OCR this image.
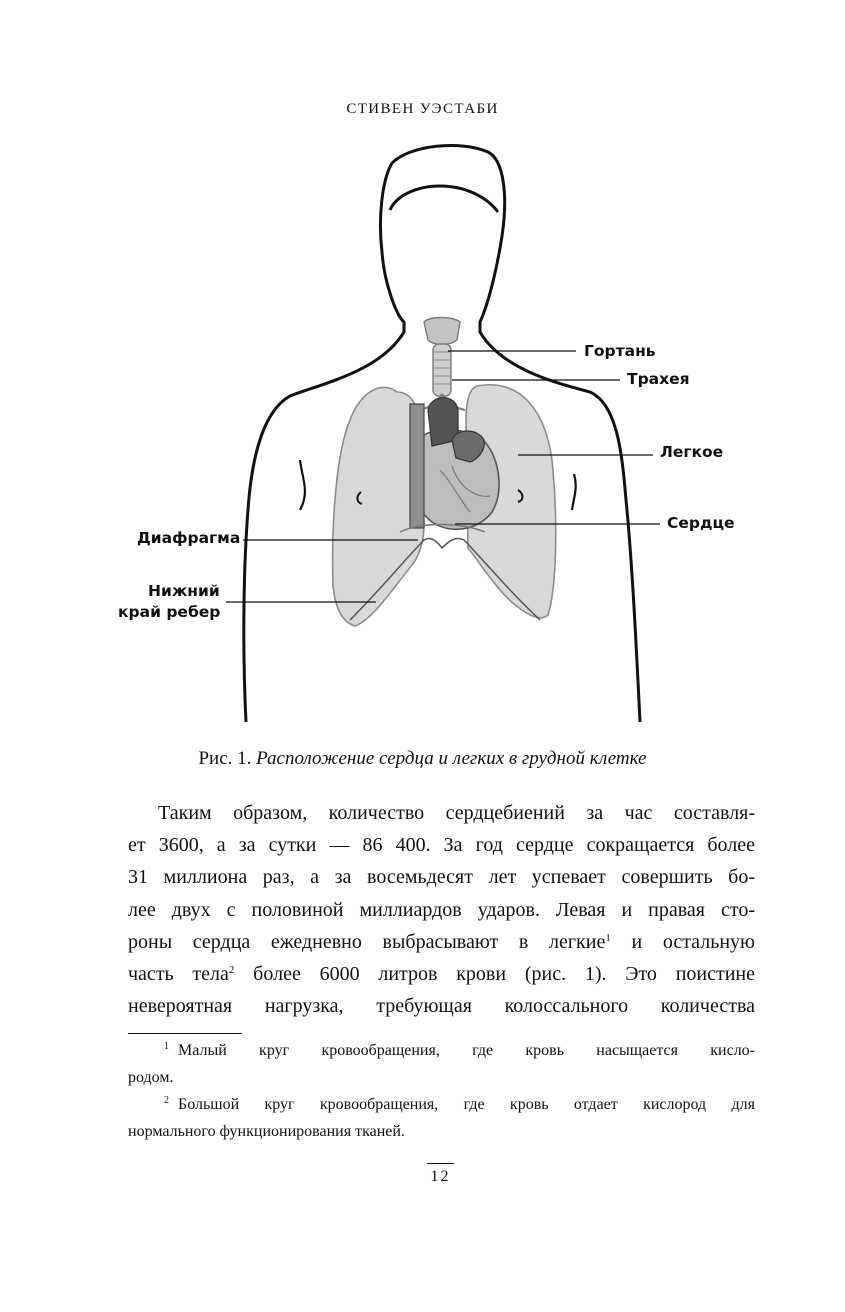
СТИВЕН УЭСТАБИ
Гортань
Трахея
Легкое
Сердце
Диафрагма
Нижний
край ребер
Рис. 1. Расположение сердца и легких в грудной клетке
Таким образом, количество сердцебиений за час составля-
ет 3600, а за сутки — 86 400. За год сердце сокращается более
31 миллиона раз, а за восемьдесят лет успевает совершить бо-
лее двух с половиной миллиардов ударов. Левая и правая сто-
роны сердца ежедневно выбрасывают в легкие$^1$ и остальную
часть тела$^2$ более 6000 литров крови (рис. 1). Это поистине
невероятная нагрузка, требующая колоссального количества
$^1$ Малый круг кровообращения, где кровь насыщается кисло-
родом.
$^2$ Большой круг кровообращения, где кровь отдает кислород для
нормального функционирования тканей.
12
